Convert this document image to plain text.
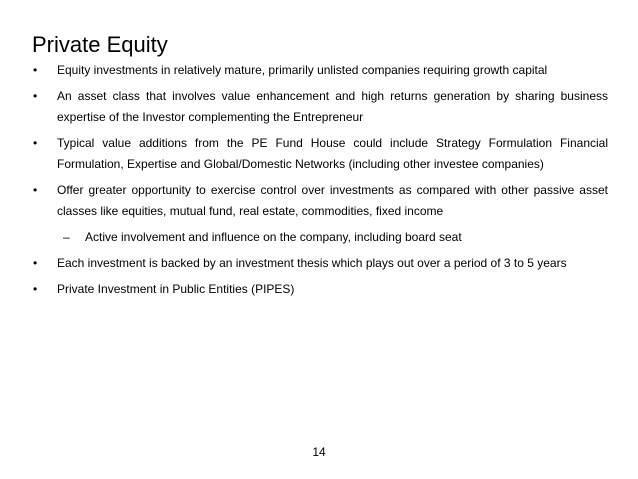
Private Equity
• Equity investments in relatively mature, primarily unlisted companies requiring growth capital
• An asset class that involves value enhancement and high returns generation by sharing business expertise of the Investor complementing the Entrepreneur
• Typical value additions from the PE Fund House could include Strategy Formulation Financial Formulation, Expertise and Global/Domestic Networks (including other investee companies)
• Offer greater opportunity to exercise control over investments as compared with other passive asset classes like equities, mutual fund, real estate, commodities, fixed income
– Active involvement and influence on the company, including board seat
• Each investment is backed by an investment thesis which plays out over a period of 3 to 5 years
• Private Investment in Public Entities (PIPES)
14
